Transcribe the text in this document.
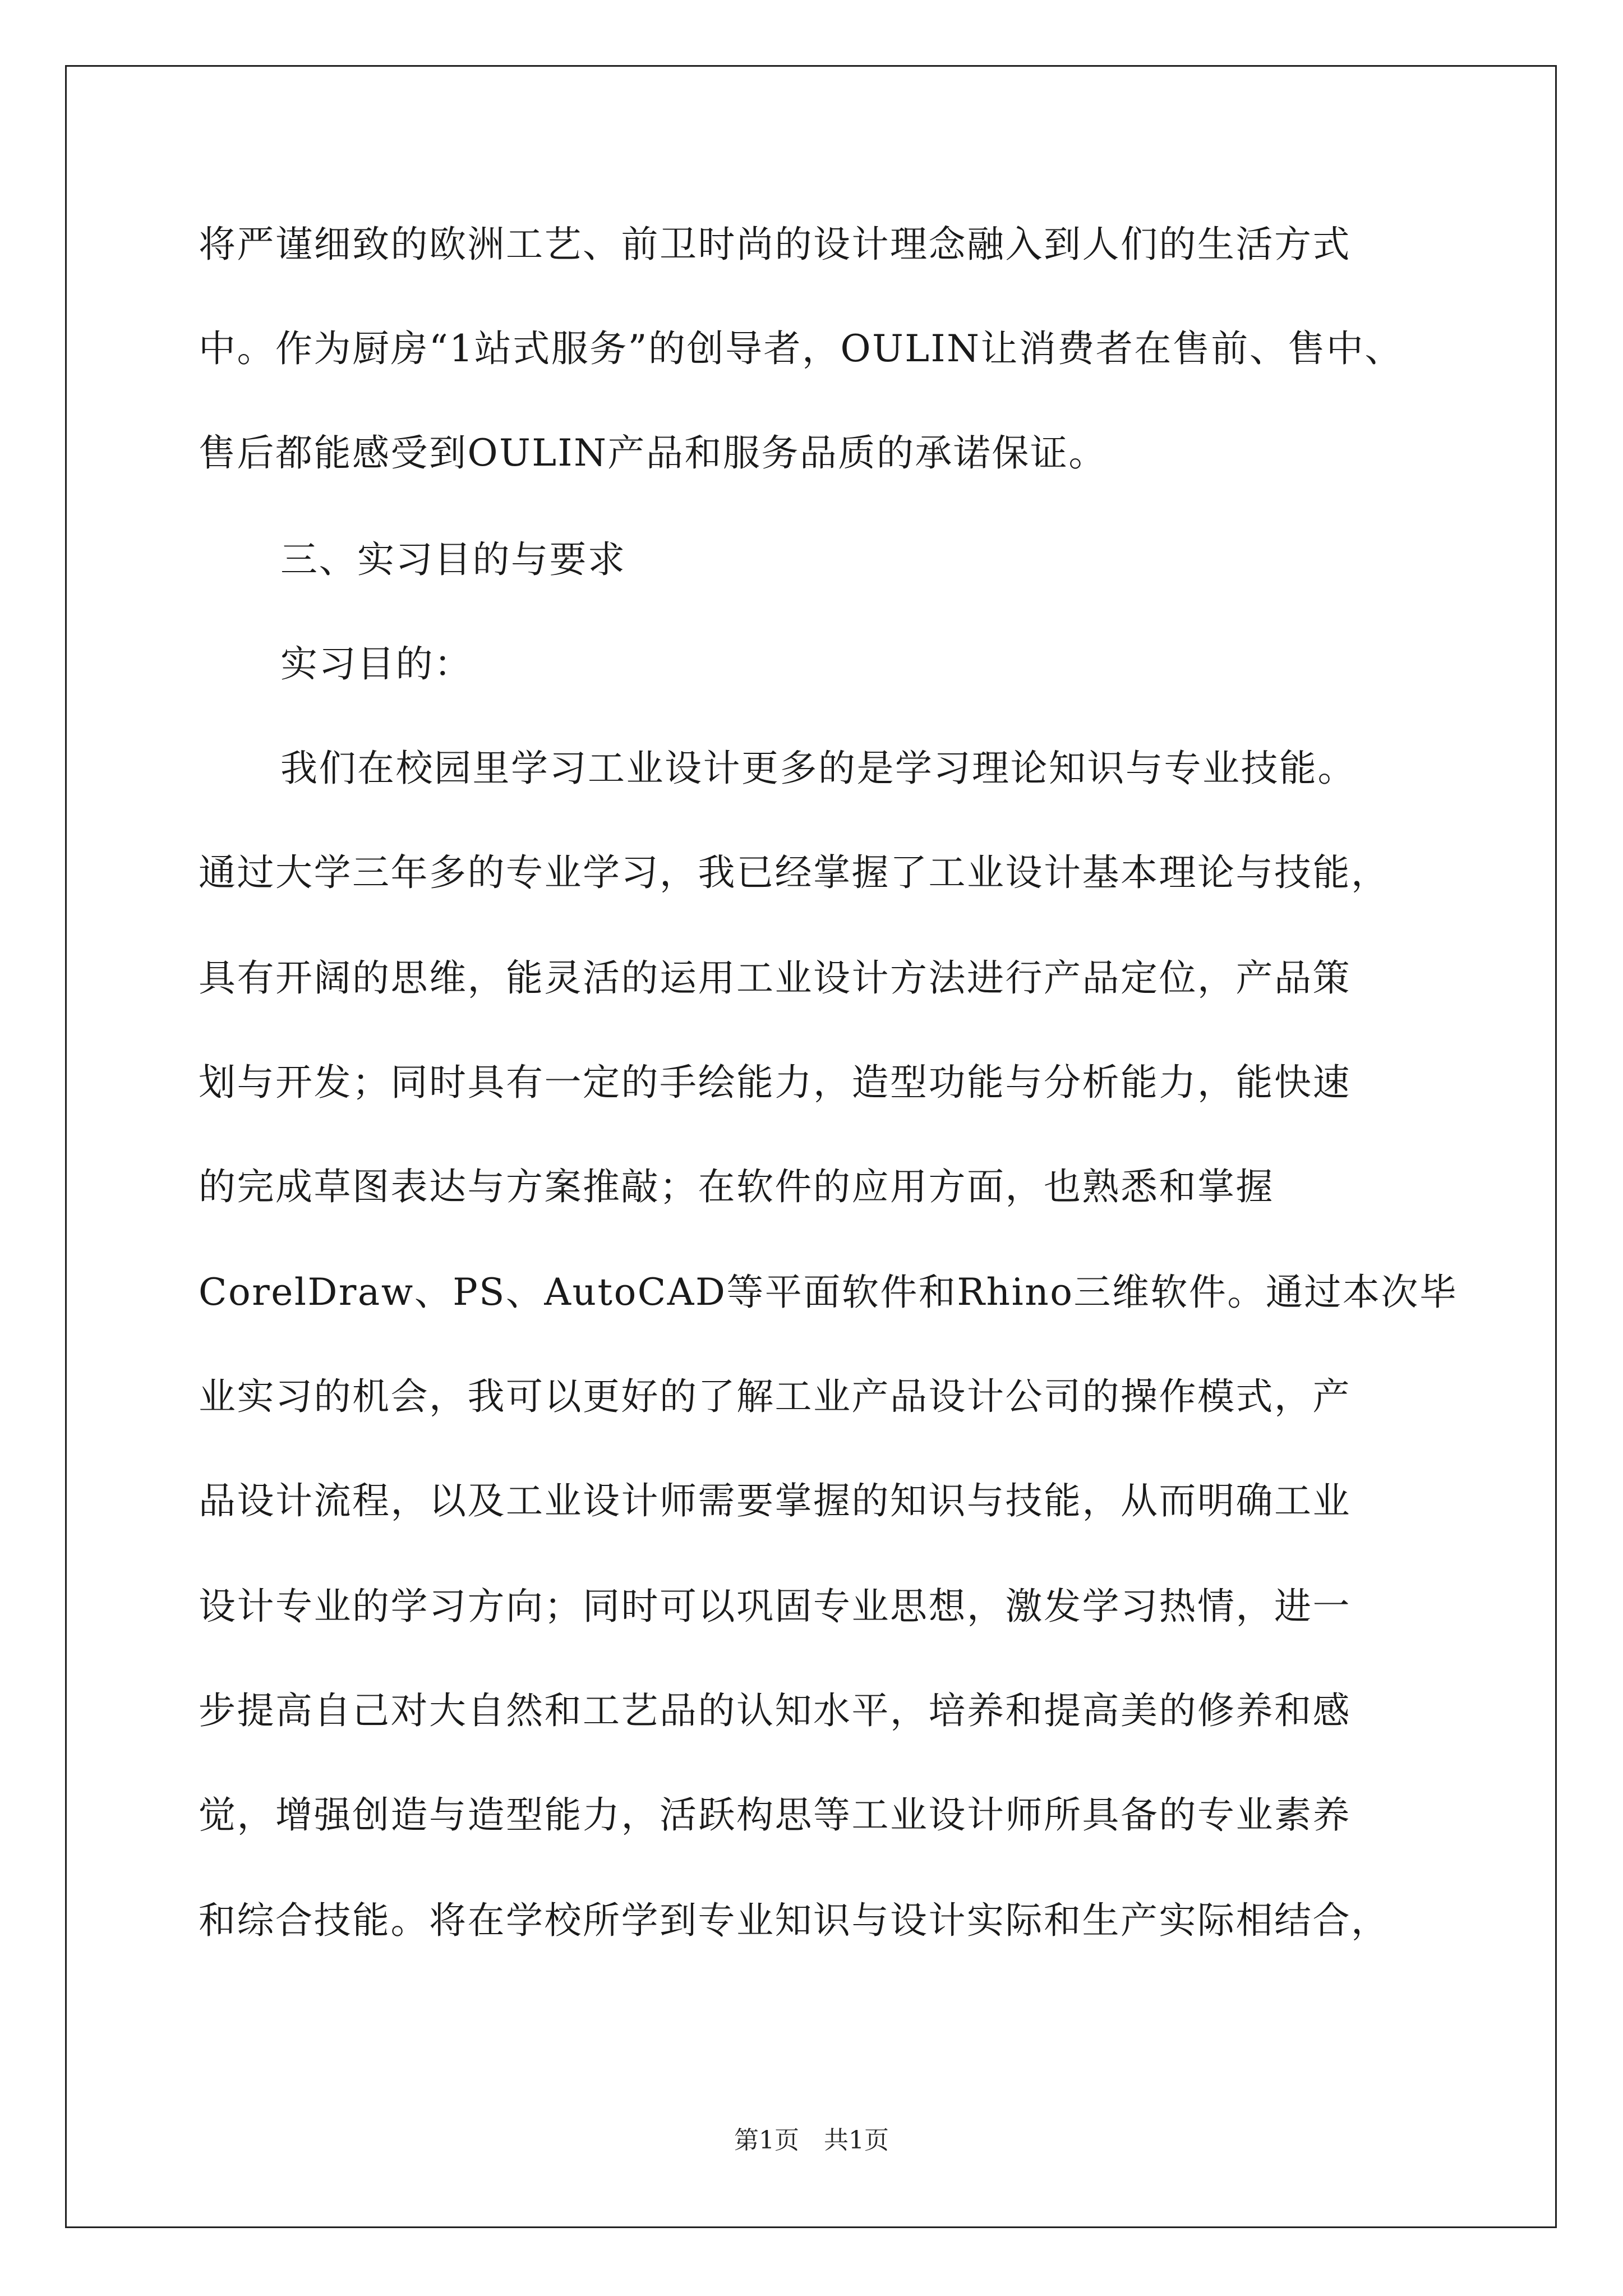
将严谨细致的欧洲工艺、前卫时尚的设计理念融入到人们的生活方式
中。作为厨房“1站式服务”的创导者，OULIN让消费者在售前、售中、
售后都能感受到OULIN产品和服务品质的承诺保证。
三、实习目的与要求
实习目的：
我们在校园里学习工业设计更多的是学习理论知识与专业技能。
通过大学三年多的专业学习，我已经掌握了工业设计基本理论与技能，
具有开阔的思维，能灵活的运用工业设计方法进行产品定位，产品策
划与开发；同时具有一定的手绘能力，造型功能与分析能力，能快速
的完成草图表达与方案推敲；在软件的应用方面，也熟悉和掌握
CorelDraw、PS、AutoCAD等平面软件和Rhino三维软件。通过本次毕
业实习的机会，我可以更好的了解工业产品设计公司的操作模式，产
品设计流程，以及工业设计师需要掌握的知识与技能，从而明确工业
设计专业的学习方向；同时可以巩固专业思想，激发学习热情，进一
步提高自己对大自然和工艺品的认知水平，培养和提高美的修养和感
觉，增强创造与造型能力，活跃构思等工业设计师所具备的专业素养
和综合技能。将在学校所学到专业知识与设计实际和生产实际相结合，
第1页　共1页
